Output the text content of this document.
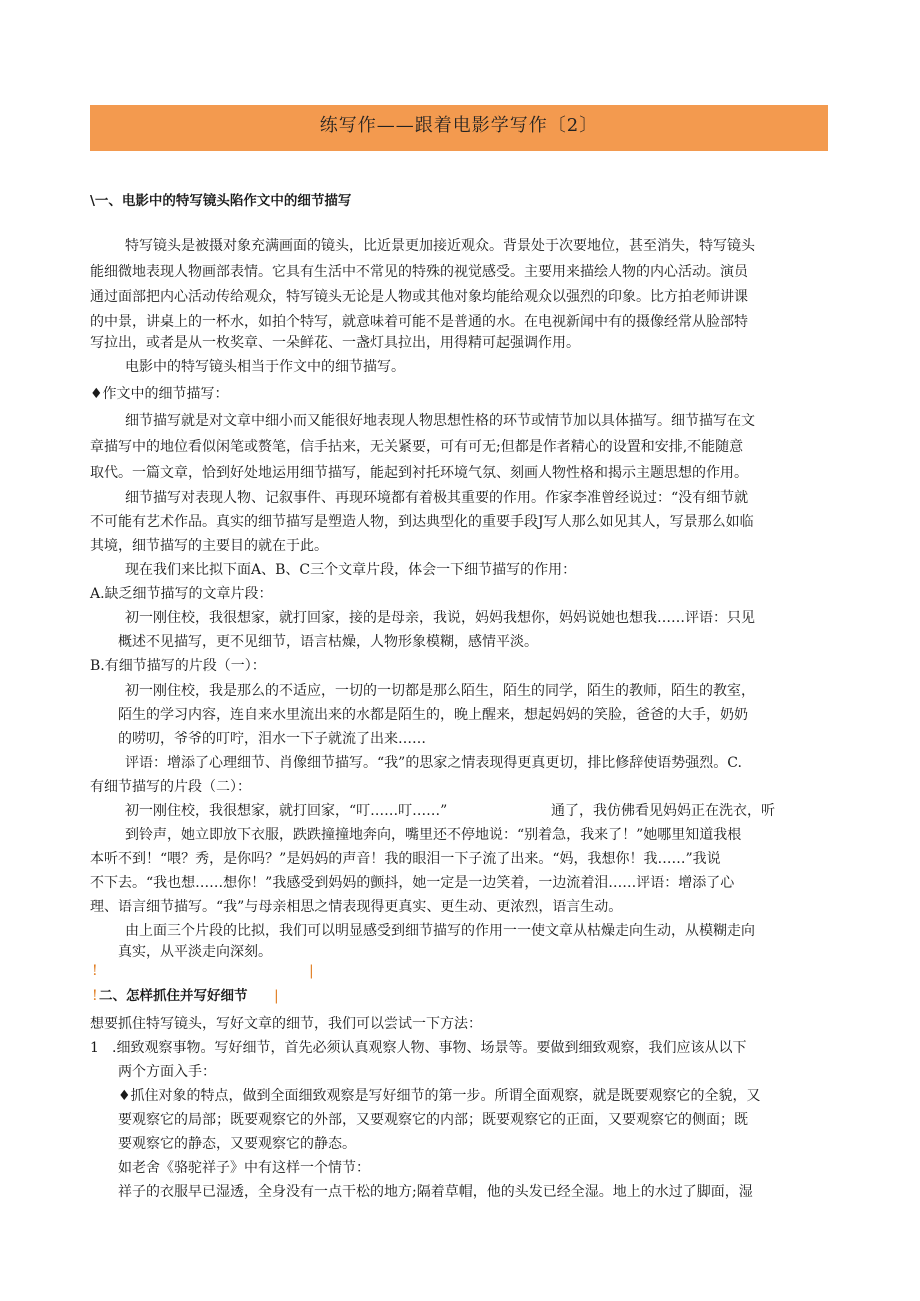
练写作——跟着电影学写作〔2〕
\一、电影中的特写镜头陷作文中的细节描写
特写镜头是被摄对象充满画面的镜头，比近景更加接近观众。背景处于次要地位，甚至消失，特写镜头
能细微地表现人物画部表情。它具有生活中不常见的特殊的视觉感受。主要用来描绘人物的内心活动。演员
通过面部把内心活动传给观众，特写镜头无论是人物或其他对象均能给观众以强烈的印象。比方拍老师讲课
的中景，讲桌上的一杯水，如拍个特写，就意味着可能不是普通的水。在电视新闻中有的摄像经常从脸部特
写拉出，或者是从一枚奖章、一朵鲜花、一盏灯具拉出，用得精可起强调作用。
电影中的特写镜头相当于作文中的细节描写。
♦作文中的细节描写：
细节描写就是对文章中细小而又能很好地表现人物思想性格的环节或情节加以具体描写。细节描写在文
章描写中的地位看似闲笔或赘笔，信手拈来，无关紧要，可有可无;但都是作者精心的设置和安排,不能随意
取代。一篇文章，恰到好处地运用细节描写，能起到衬托环境气氛、刻画人物性格和揭示主题思想的作用。
细节描写对表现人物、记叙事件、再现环境都有着极其重要的作用。作家李准曾经说过：“没有细节就
不可能有艺术作品。真实的细节描写是塑造人物，到达典型化的重要手段J写人那么如见其人，写景那么如临
其境，细节描写的主要目的就在于此。
现在我们来比拟下面A、B、C三个文章片段，体会一下细节描写的作用：
A.缺乏细节描写的文章片段：
初一刚住校，我很想家，就打回家，接的是母亲，我说，妈妈我想你，妈妈说她也想我……评语：只见
概述不见描写，更不见细节，语言枯燥，人物形象模糊，感情平淡。
B.有细节描写的片段（一）：
初一刚住校，我是那么的不适应，一切的一切都是那么陌生，陌生的同学，陌生的教师，陌生的教室，
陌生的学习内容，连自来水里流出来的水都是陌生的，晚上醒来，想起妈妈的笑脸，爸爸的大手，奶奶
的唠叨，爷爷的叮咛，泪水一下子就流了出来……
评语：增添了心理细节、肖像细节描写。“我”的思家之情表现得更真更切，排比修辞使语势强烈。C.
有细节描写的片段（二）：
初一刚住校，我很想家，就打回家，“叮……叮……”	通了，我仿佛看见妈妈正在洗衣，听
到铃声，她立即放下衣服，跌跌撞撞地奔向，嘴里还不停地说：“别着急，我来了！”她哪里知道我根
本听不到！“喂？秀，是你吗？”是妈妈的声音！我的眼泪一下子流了出来。“妈，我想你！我……”我说
不下去。“我也想……想你！”我感受到妈妈的颤抖，她一定是一边笑着，一边流着泪……评语：增添了心
理、语言细节描写。“我”与母亲相思之情表现得更真实、更生动、更浓烈，语言生动。
由上面三个片段的比拟，我们可以明显感受到细节描写的作用一一使文章从枯燥走向生动，从模糊走向
真实，从平淡走向深刻。
!	|
! 二、怎样抓住并写好细节 |
想要抓住特写镜头，写好文章的细节，我们可以尝试一下方法：
1 .细致观察事物。写好细节，首先必须认真观察人物、事物、场景等。要做到细致观察，我们应该从以下
两个方面入手：
♦抓住对象的特点，做到全面细致观察是写好细节的第一步。所谓全面观察，就是既要观察它的全貌，又
要观察它的局部；既要观察它的外部，又要观察它的内部；既要观察它的正面，又要观察它的侧面；既
要观察它的静态，又要观察它的静态。
如老舍《骆驼祥子》中有这样一个情节：
祥子的衣服早已湿透，全身没有一点干松的地方;隔着草帽，他的头发已经全湿。地上的水过了脚面，湿
